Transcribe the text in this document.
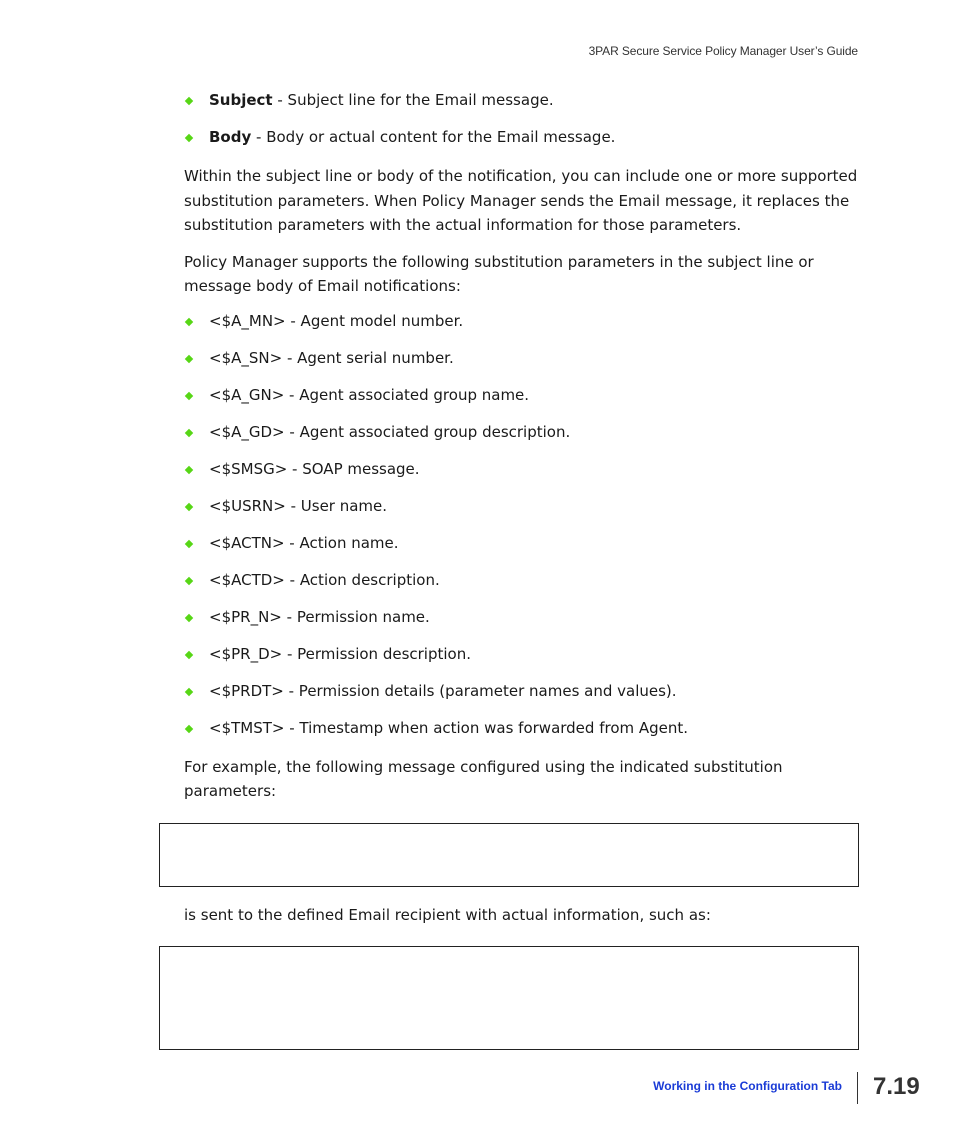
3PAR Secure Service Policy Manager User’s Guide
Subject - Subject line for the Email message.
Body - Body or actual content for the Email message.

Within the subject line or body of the notification, you can include one or more supported substitution parameters. When Policy Manager sends the Email message, it replaces the substitution parameters with the actual information for those parameters.

Policy Manager supports the following substitution parameters in the subject line or message body of Email notifications:

<$A_MN> - Agent model number.
<$A_SN> - Agent serial number.
<$A_GN> - Agent associated group name.
<$A_GD> - Agent associated group description.
<$SMSG> - SOAP message.
<$USRN> - User name.
<$ACTN> - Action name.
<$ACTD> - Action description.
<$PR_N> - Permission name.
<$PR_D> - Permission description.
<$PRDT> - Permission details (parameter names and values).
<$TMST> - Timestamp when action was forwarded from Agent.

For example, the following message configured using the indicated substitution parameters:

is sent to the defined Email recipient with actual information, such as:
Working in the Configuration Tab 7.19
